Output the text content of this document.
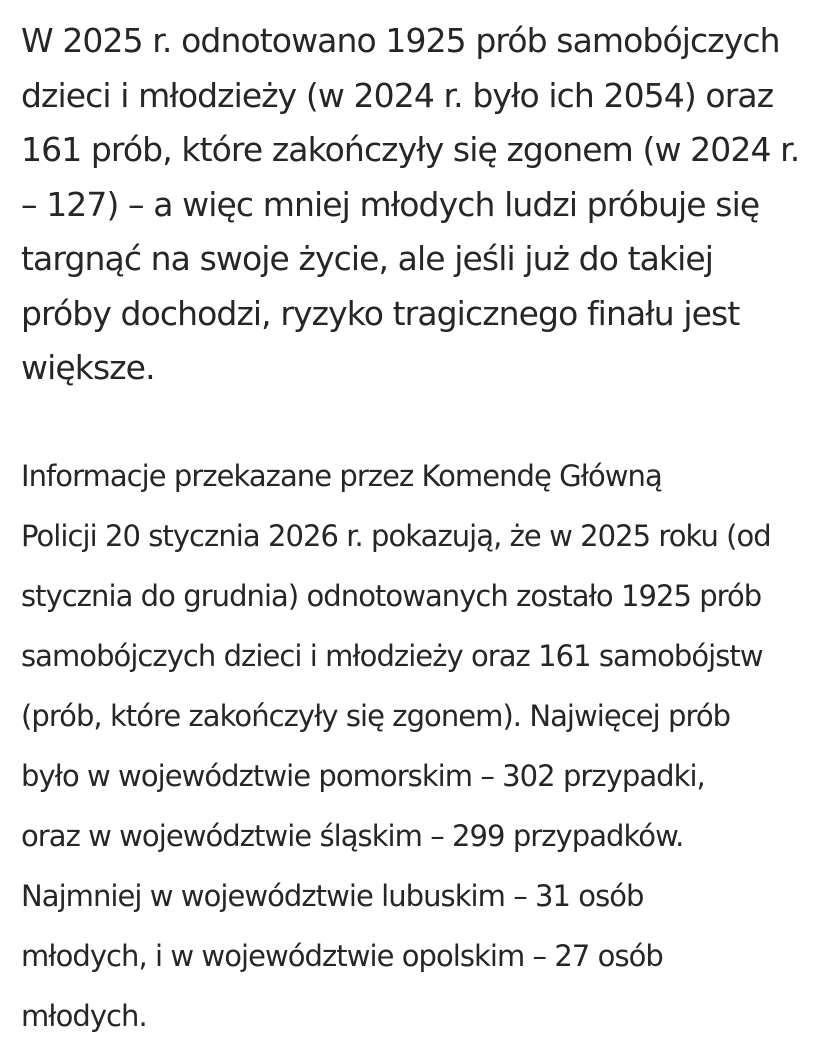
W 2025 r. odnotowano 1925 prób samobójczych
dzieci i młodzieży (w 2024 r. było ich 2054) oraz
161 prób, które zakończyły się zgonem (w 2024 r.
– 127) – a więc mniej młodych ludzi próbuje się
targnąć na swoje życie, ale jeśli już do takiej
próby dochodzi, ryzyko tragicznego finału jest
większe.
Informacje przekazane przez Komendę Główną
Policji 20 stycznia 2026 r. pokazują, że w 2025 roku (od
stycznia do grudnia) odnotowanych zostało 1925 prób
samobójczych dzieci i młodzieży oraz 161 samobójstw
(prób, które zakończyły się zgonem). Najwięcej prób
było w województwie pomorskim – 302 przypadki,
oraz w województwie śląskim – 299 przypadków.
Najmniej w województwie lubuskim – 31 osób
młodych, i w województwie opolskim – 27 osób
młodych.
